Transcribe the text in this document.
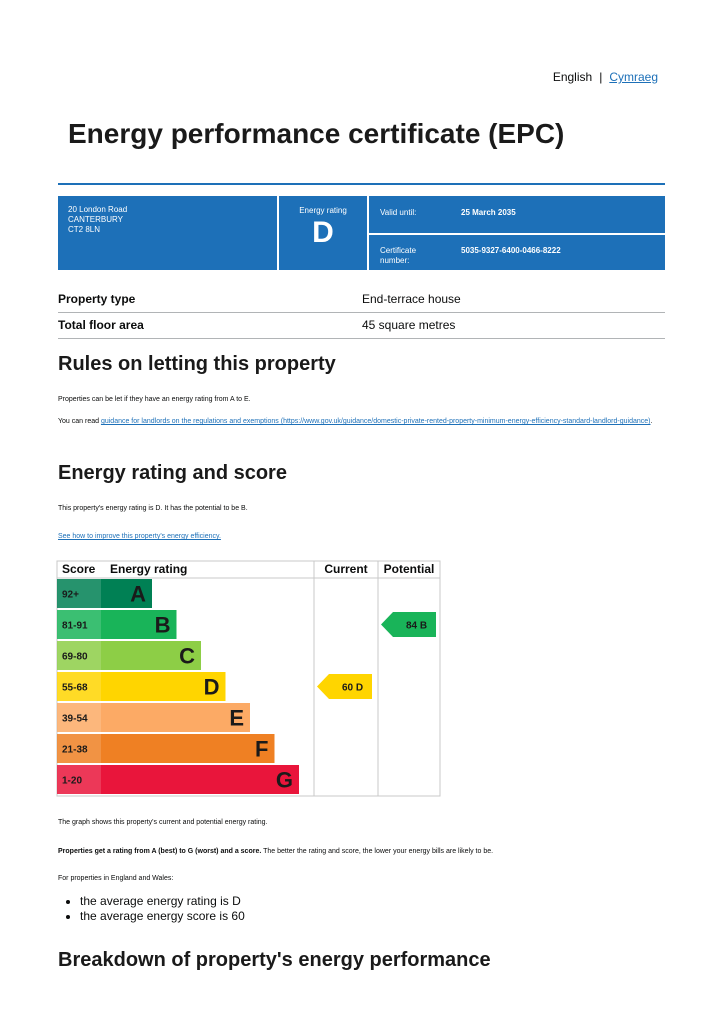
English | Cymraeg
Energy performance certificate (EPC)
20 London Road
CANTERBURY
CT2 8LN
Energy rating
D
Valid until:	25 March 2035
Certificate number:
5035-9327-6400-0466-8222
Property type	End-terrace house
Total floor area	45 square metres
Rules on letting this property
Properties can be let if they have an energy rating from A to E.
You can read guidance for landlords on the regulations and exemptions (https://www.gov.uk/guidance/domestic-private-rented-property-minimum-energy-efficiency-standard-landlord-guidance).
Energy rating and score
This property's energy rating is D. It has the potential to be B.
See how to improve this property's energy efficiency.
Score Energy rating	Current Potential
92+ A
81-91	B
69-80	C
55-68	D
39-54	E
21-38	F
1-20	G
60 D
84 B
The graph shows this property's current and potential energy rating.
Properties get a rating from A (best) to G (worst) and a score. The better the rating and score, the lower your energy bills are likely to be.
For properties in England and Wales:
• the average energy rating is D
• the average energy score is 60
Breakdown of property's energy performance
